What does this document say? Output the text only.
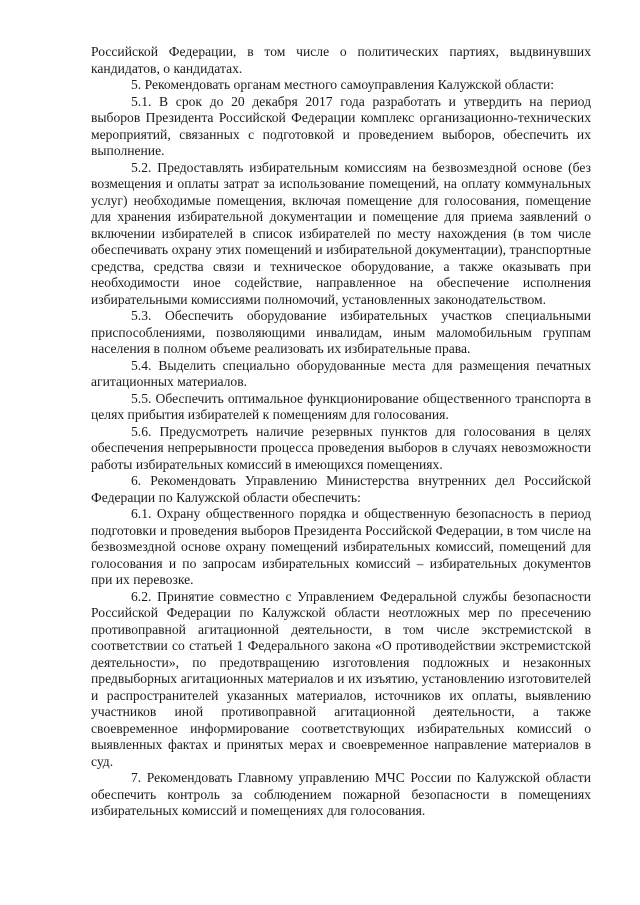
Российской Федерации, в том числе о политических партиях, выдвинувших кандидатов, о кандидатах.

5. Рекомендовать органам местного самоуправления Калужской области:

5.1. В срок до 20 декабря 2017 года разработать и утвердить на период выборов Президента Российской Федерации комплекс организационно-технических мероприятий, связанных с подготовкой и проведением выборов, обеспечить их выполнение.

5.2. Предоставлять избирательным комиссиям на безвозмездной основе (без возмещения и оплаты затрат за использование помещений, на оплату коммунальных услуг) необходимые помещения, включая помещение для голосования, помещение для хранения избирательной документации и помещение для приема заявлений о включении избирателей в список избирателей по месту нахождения (в том числе обеспечивать охрану этих помещений и избирательной документации), транспортные средства, средства связи и техническое оборудование, а также оказывать при необходимости иное содействие, направленное на обеспечение исполнения избирательными комиссиями полномочий, установленных законодательством.

5.3. Обеспечить оборудование избирательных участков специальными приспособлениями, позволяющими инвалидам, иным маломобильным группам населения в полном объеме реализовать их избирательные права.

5.4. Выделить специально оборудованные места для размещения печатных агитационных материалов.

5.5. Обеспечить оптимальное функционирование общественного транспорта в целях прибытия избирателей к помещениям для голосования.

5.6. Предусмотреть наличие резервных пунктов для голосования в целях обеспечения непрерывности процесса проведения выборов в случаях невозможности работы избирательных комиссий в имеющихся помещениях.

6. Рекомендовать Управлению Министерства внутренних дел Российской Федерации по Калужской области обеспечить:

6.1. Охрану общественного порядка и общественную безопасность в период подготовки и проведения выборов Президента Российской Федерации, в том числе на безвозмездной основе охрану помещений избирательных комиссий, помещений для голосования и по запросам избирательных комиссий – избирательных документов при их перевозке.

6.2. Принятие совместно с Управлением Федеральной службы безопасности Российской Федерации по Калужской области неотложных мер по пресечению противоправной агитационной деятельности, в том числе экстремистской в соответствии со статьей 1 Федерального закона «О противодействии экстремистской деятельности», по предотвращению изготовления подложных и незаконных предвыборных агитационных материалов и их изъятию, установлению изготовителей и распространителей указанных материалов, источников их оплаты, выявлению участников иной противоправной агитационной деятельности, а также своевременное информирование соответствующих избирательных комиссий о выявленных фактах и принятых мерах и своевременное направление материалов в суд.

7. Рекомендовать Главному управлению МЧС России по Калужской области обеспечить контроль за соблюдением пожарной безопасности в помещениях избирательных комиссий и помещениях для голосования.
